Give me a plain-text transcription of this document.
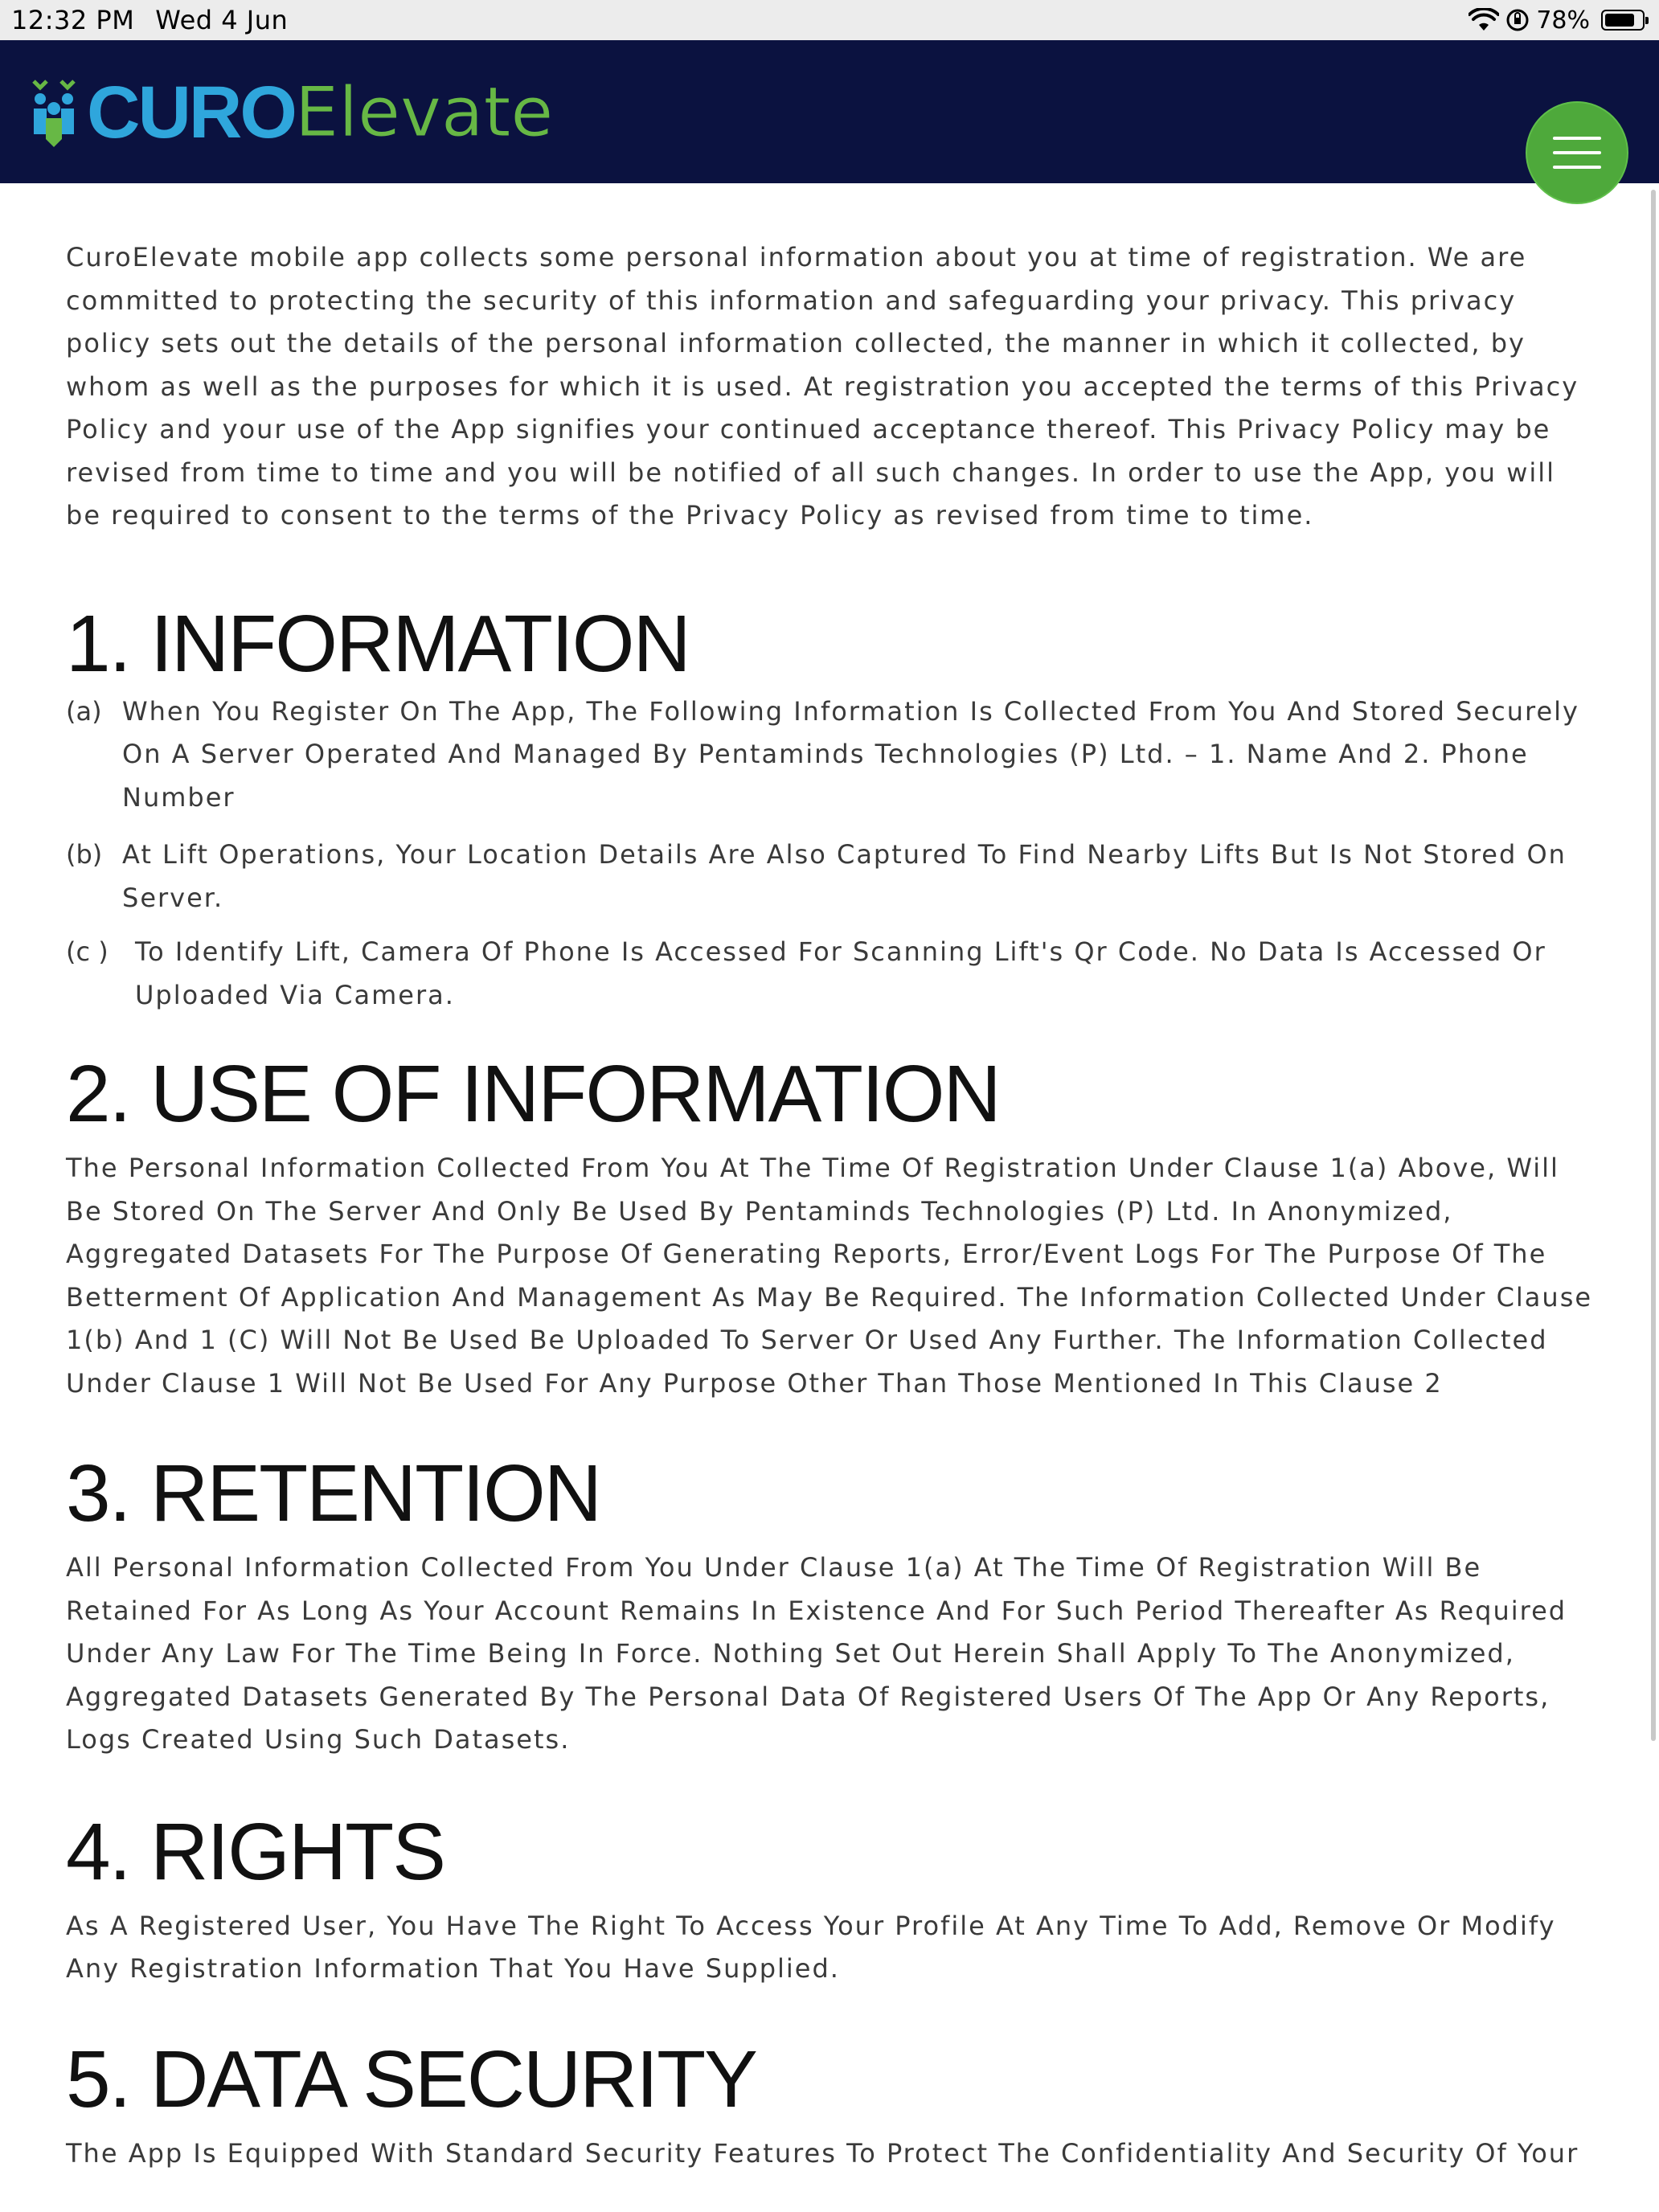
12:32 PM Wed 4 Jun	78%
CURO Elevate

CuroElevate mobile app collects some personal information about you at time of registration. We are committed to protecting the security of this information and safeguarding your privacy. This privacy policy sets out the details of the personal information collected, the manner in which it collected, by whom as well as the purposes for which it is used. At registration you accepted the terms of this Privacy Policy and your use of the App signifies your continued acceptance thereof. This Privacy Policy may be revised from time to time and you will be notified of all such changes. In order to use the App, you will be required to consent to the terms of the Privacy Policy as revised from time to time.

1. INFORMATION
(a) When You Register On The App, The Following Information Is Collected From You And Stored Securely On A Server Operated And Managed By Pentaminds Technologies (P) Ltd. – 1. Name And 2. Phone Number
(b) At Lift Operations, Your Location Details Are Also Captured To Find Nearby Lifts But Is Not Stored On Server.
(c )	To Identify Lift, Camera Of Phone Is Accessed For Scanning Lift's Qr Code. No Data Is Accessed Or Uploaded Via Camera.
2. USE OF INFORMATION

The Personal Information Collected From You At The Time Of Registration Under Clause 1(a) Above, Will Be Stored On The Server And Only Be Used By Pentaminds Technologies (P) Ltd. In Anonymized, Aggregated Datasets For The Purpose Of Generating Reports, Error/Event Logs For The Purpose Of The Betterment Of Application And Management As May Be Required. The Information Collected Under Clause 1(b) And 1 (C) Will Not Be Used Be Uploaded To Server Or Used Any Further. The Information Collected Under Clause 1 Will Not Be Used For Any Purpose Other Than Those Mentioned In This Clause 2

3. RETENTION

All Personal Information Collected From You Under Clause 1(a) At The Time Of Registration Will Be Retained For As Long As Your Account Remains In Existence And For Such Period Thereafter As Required Under Any Law For The Time Being In Force. Nothing Set Out Herein Shall Apply To The Anonymized, Aggregated Datasets Generated By The Personal Data Of Registered Users Of The App Or Any Reports, Logs Created Using Such Datasets.

4. RIGHTS

As A Registered User, You Have The Right To Access Your Profile At Any Time To Add, Remove Or Modify Any Registration Information That You Have Supplied.

5. DATA SECURITY

The App Is Equipped With Standard Security Features To Protect The Confidentiality And Security Of Your
